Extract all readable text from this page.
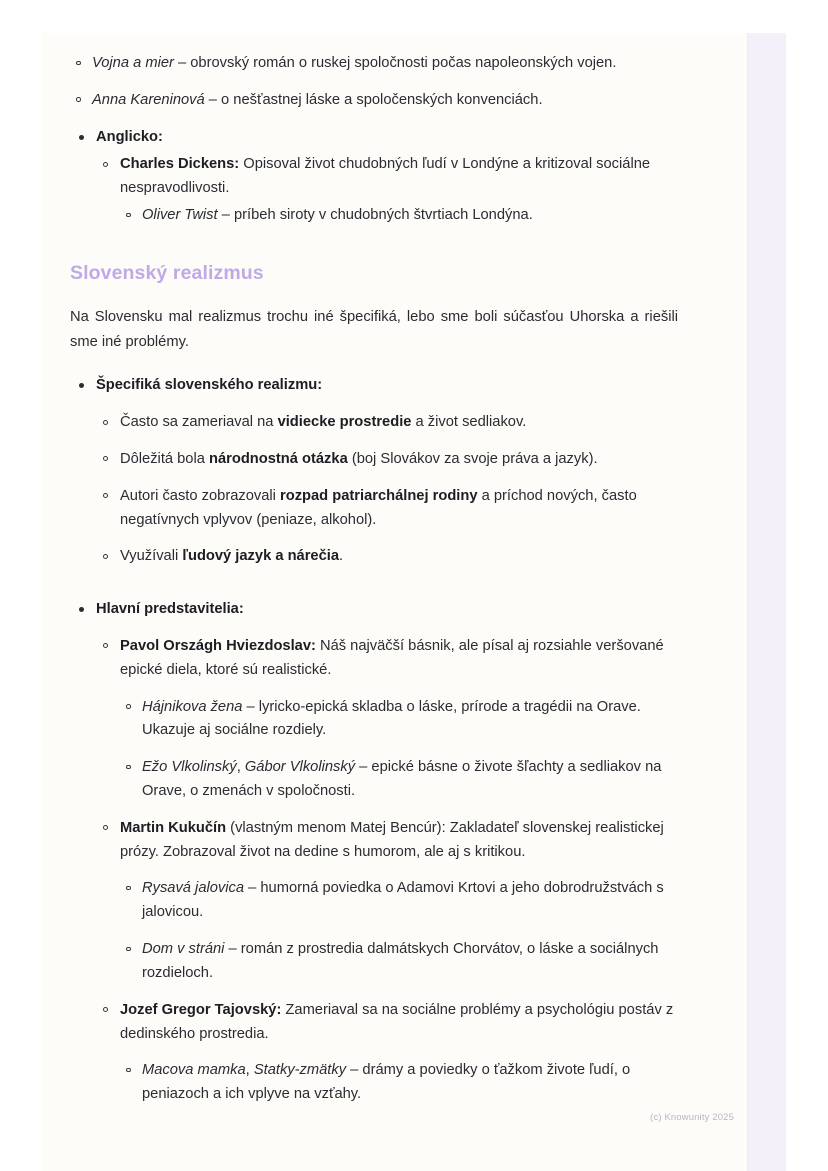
Vojna a mier – obrovský román o ruskej spoločnosti počas napoleonských vojen.
Anna Kareninová – o nešťastnej láske a spoločenských konvenciách.
Anglicko:
Charles Dickens: Opisoval život chudobných ľudí v Londýne a kritizoval sociálne nespravodlivosti.
Oliver Twist – príbeh siroty v chudobných štvrtiach Londýna.
Slovenský realizmus

Na Slovensku mal realizmus trochu iné špecifiká, lebo sme boli súčasťou Uhorska a riešili sme iné problémy.

Špecifiká slovenského realizmu:
Často sa zameriaval na vidiecke prostredie a život sedliakov.
Dôležitá bola národnostná otázka (boj Slovákov za svoje práva a jazyk).
Autori často zobrazovali rozpad patriarchálnej rodiny a príchod nových, často negatívnych vplyvov (peniaze, alkohol).
Využívali ľudový jazyk a nárečia.
Hlavní predstavitelia:
Pavol Országh Hviezdoslav: Náš najväčší básnik, ale písal aj rozsiahle veršované epické diela, ktoré sú realistické.
Hájnikova žena – lyricko-epická skladba o láske, prírode a tragédii na Orave. Ukazuje aj sociálne rozdiely.
Ežo Vlkolinský, Gábor Vlkolinský – epické básne o živote šľachty a sedliakov na Orave, o zmenách v spoločnosti.
Martin Kukučín (vlastným menom Matej Bencúr): Zakladateľ slovenskej realistickej prózy. Zobrazoval život na dedine s humorom, ale aj s kritikou.
Rysavá jalovica – humorná poviedka o Adamovi Krtovi a jeho dobrodružstvách s jalovicou.
Dom v stráni – román z prostredia dalmátskych Chorvátov, o láske a sociálnych rozdieloch.
Jozef Gregor Tajovský: Zameriaval sa na sociálne problémy a psychológiu postáv z dedinského prostredia.
Macova mamka, Statky-zmätky – drámy a poviedky o ťažkom živote ľudí, o peniazoch a ich vplyve na vzťahy.
(c) Knowunity 2025
